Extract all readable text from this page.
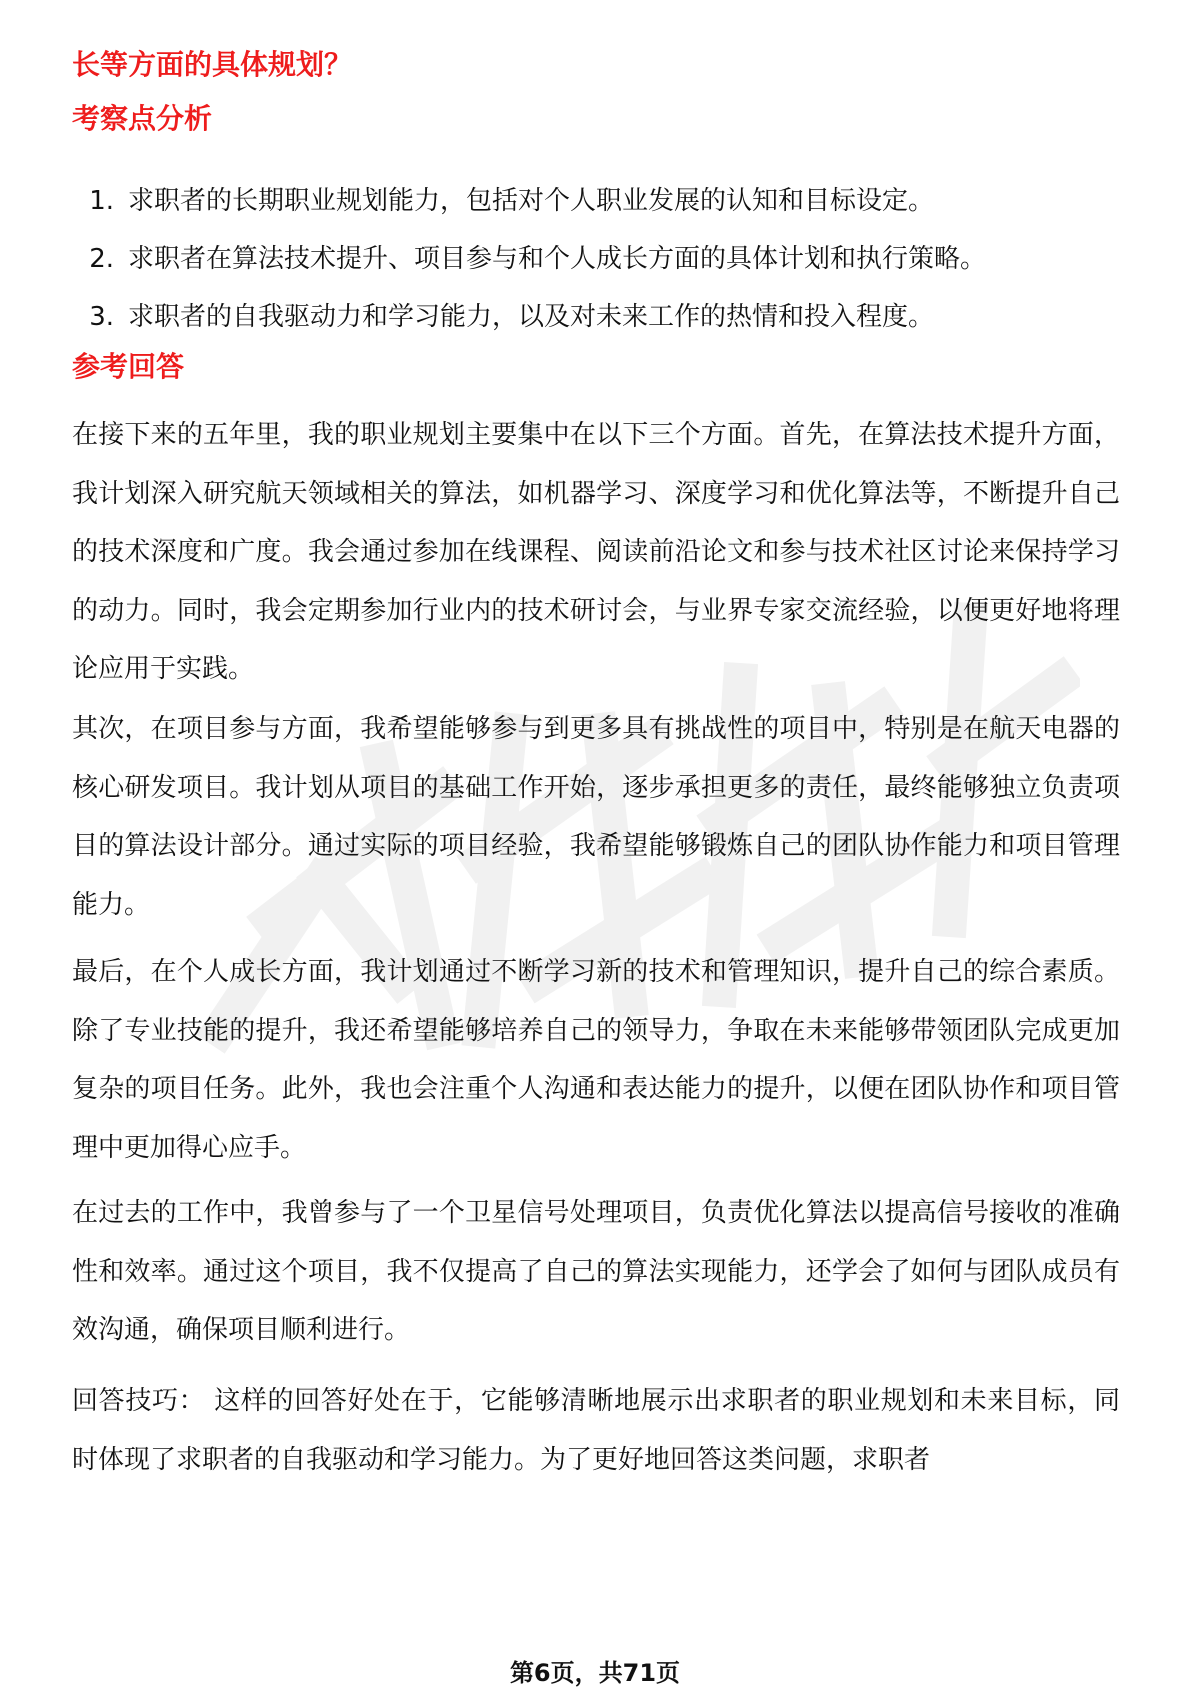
长等方面的具体规划？
考察点分析
1. 求职者的长期职业规划能力，包括对个人职业发展的认知和目标设定。
2. 求职者在算法技术提升、项目参与和个人成长方面的具体计划和执行策略。
3. 求职者的自我驱动力和学习能力，以及对未来工作的热情和投入程度。
参考回答

在接下来的五年里，我的职业规划主要集中在以下三个方面。首先，在算法技术提升方面，我计划深入研究航天领域相关的算法，如机器学习、深度学习和优化算法等，不断提升自己的技术深度和广度。我会通过参加在线课程、阅读前沿论文和参与技术社区讨论来保持学习的动力。同时，我会定期参加行业内的技术研讨会，与业界专家交流经验，以便更好地将理论应用于实践。

其次，在项目参与方面，我希望能够参与到更多具有挑战性的项目中，特别是在航天电器的核心研发项目。我计划从项目的基础工作开始，逐步承担更多的责任，最终能够独立负责项目的算法设计部分。通过实际的项目经验，我希望能够锻炼自己的团队协作能力和项目管理能力。

最后，在个人成长方面，我计划通过不断学习新的技术和管理知识，提升自己的综合素质。除了专业技能的提升，我还希望能够培养自己的领导力，争取在未来能够带领团队完成更加复杂的项目任务。此外，我也会注重个人沟通和表达能力的提升，以便在团队协作和项目管理中更加得心应手。

在过去的工作中，我曾参与了一个卫星信号处理项目，负责优化算法以提高信号接收的准确性和效率。通过这个项目，我不仅提高了自己的算法实现能力，还学会了如何与团队成员有效沟通，确保项目顺利进行。

回答技巧： 这样的回答好处在于，它能够清晰地展示出求职者的职业规划和未来目标，同时体现了求职者的自我驱动和学习能力。为了更好地回答这类问题，求职者

第6页，共71页
